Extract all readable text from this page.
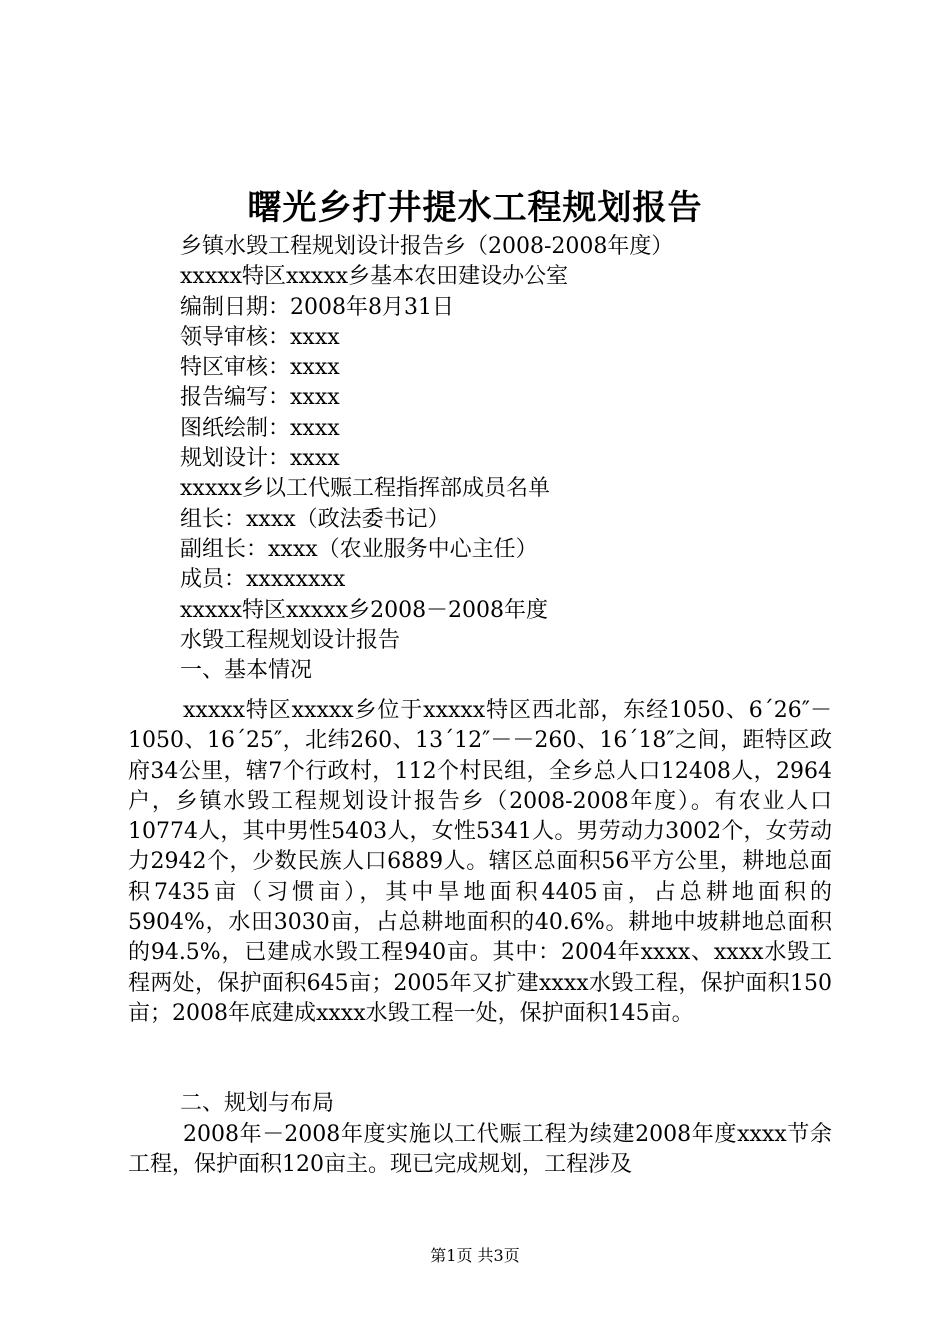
曙光乡打井提水工程规划报告
乡镇水毁工程规划设计报告乡（2008-2008年度）
xxxxx特区xxxxx乡基本农田建设办公室
编制日期：2008年8月31日
领导审核：xxxx
特区审核：xxxx
报告编写：xxxx
图纸绘制：xxxx
规划设计：xxxx
xxxxx乡以工代赈工程指挥部成员名单
组长：xxxx（政法委书记）
副组长：xxxx（农业服务中心主任）
成员：xxxxxxxx
xxxxx特区xxxxx乡2008－2008年度
水毁工程规划设计报告
一、基本情况

xxxxx特区xxxxx乡位于xxxxx特区西北部，东经1050、6´26″－1050、16´25″，北纬260、13´12″－－260、16´18″之间，距特区政府34公里，辖7个行政村，112个村民组，全乡总人口12408人，2964户，乡镇水毁工程规划设计报告乡（2008-2008年度）。有农业人口10774人，其中男性5403人，女性5341人。男劳动力3002个，女劳动力2942个，少数民族人口6889人。辖区总面积56平方公里，耕地总面积7435亩（习惯亩），其中旱地面积4405亩，占总耕地面积的5904%，水田3030亩，占总耕地面积的40.6%。耕地中坡耕地总面积的94.5%，已建成水毁工程940亩。其中：2004年xxxx、xxxx水毁工程两处，保护面积645亩；2005年又扩建xxxx水毁工程，保护面积150亩；2008年底建成xxxx水毁工程一处，保护面积145亩。

二、规划与布局

2008年－2008年度实施以工代赈工程为续建2008年度xxxx节余工程，保护面积120亩主。现已完成规划，工程涉及

第1页 共3页
